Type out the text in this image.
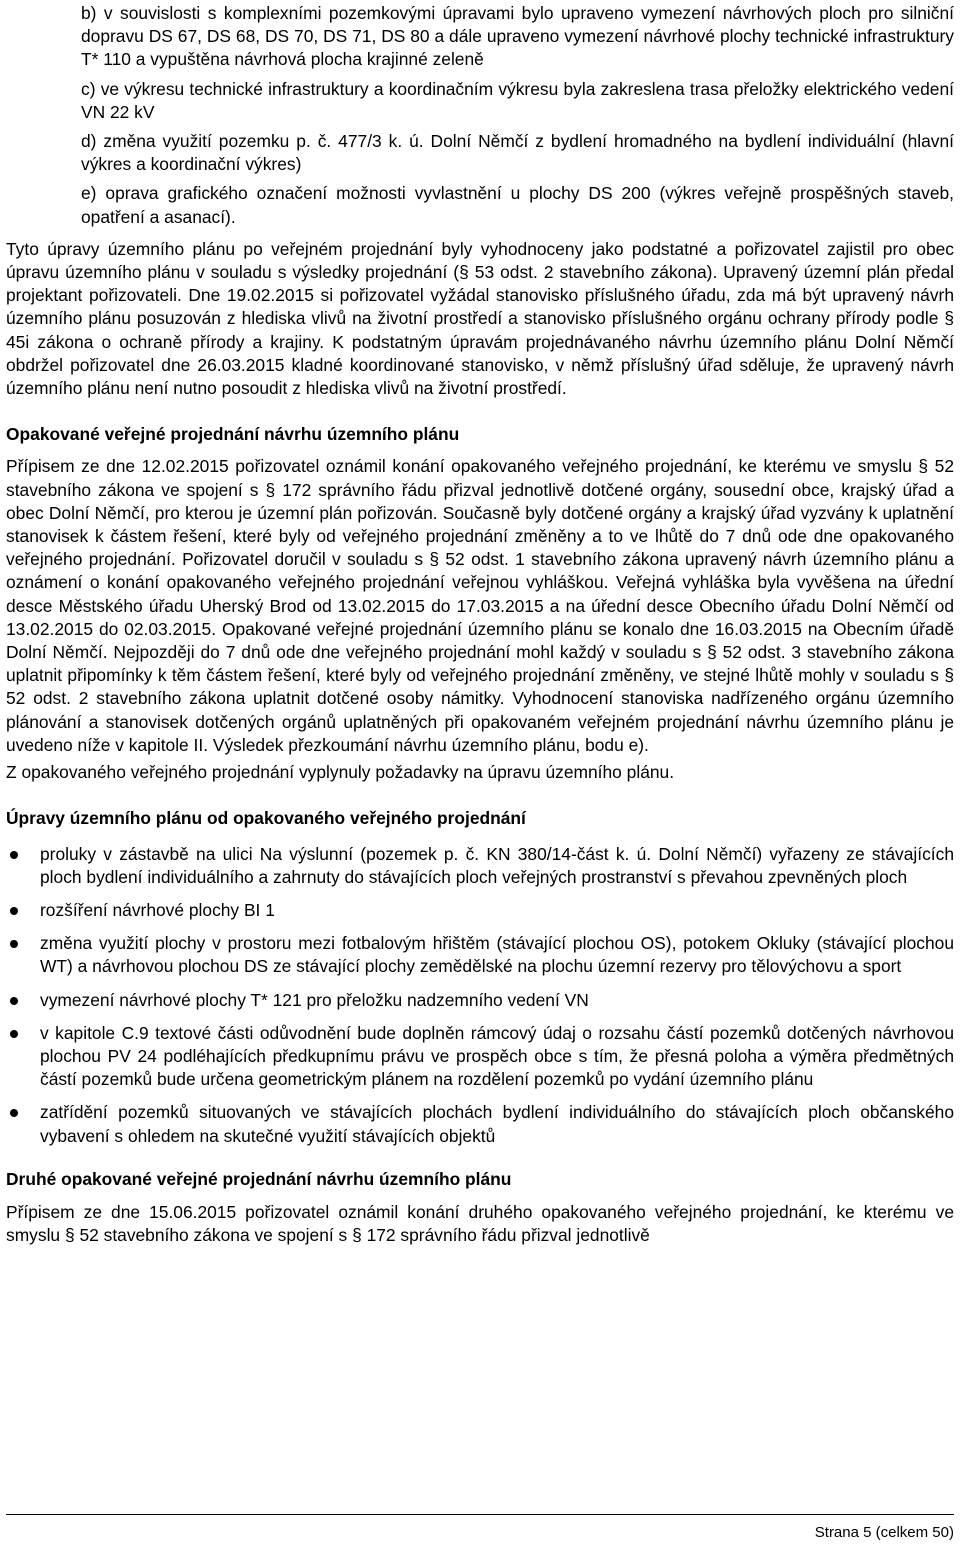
b) v souvislosti s komplexními pozemkovými úpravami bylo upraveno vymezení návrhových ploch pro silniční dopravu DS 67, DS 68, DS 70, DS 71, DS 80 a dále upraveno vymezení návrhové plochy technické infrastruktury T* 110 a vypuštěna návrhová plocha krajinné zeleně
c) ve výkresu technické infrastruktury a koordinačním výkresu byla zakreslena trasa přeložky elektrického vedení VN 22 kV
d) změna využití pozemku p. č. 477/3 k. ú. Dolní Němčí z bydlení hromadného na bydlení individuální (hlavní výkres a koordinační výkres)
e) oprava grafického označení možnosti vyvlastnění u plochy DS 200 (výkres veřejně prospěšných staveb, opatření a asanací).

Tyto úpravy územního plánu po veřejném projednání byly vyhodnoceny jako podstatné a pořizovatel zajistil pro obec úpravu územního plánu v souladu s výsledky projednání (§ 53 odst. 2 stavebního zákona). Upravený územní plán předal projektant pořizovateli. Dne 19.02.2015 si pořizovatel vyžádal stanovisko příslušného úřadu, zda má být upravený návrh územního plánu posuzován z hlediska vlivů na životní prostředí a stanovisko příslušného orgánu ochrany přírody podle § 45i zákona o ochraně přírody a krajiny. K podstatným úpravám projednávaného návrhu územního plánu Dolní Němčí obdržel pořizovatel dne 26.03.2015 kladné koordinované stanovisko, v němž příslušný úřad sděluje, že upravený návrh územního plánu není nutno posoudit z hlediska vlivů na životní prostředí.

Opakované veřejné projednání návrhu územního plánu

Přípisem ze dne 12.02.2015 pořizovatel oznámil konání opakovaného veřejného projednání, ke kterému ve smyslu § 52 stavebního zákona ve spojení s § 172 správního řádu přizval jednotlivě dotčené orgány, sousední obce, krajský úřad a obec Dolní Němčí, pro kterou je územní plán pořizován. Současně byly dotčené orgány a krajský úřad vyzvány k uplatnění stanovisek k částem řešení, které byly od veřejného projednání změněny a to ve lhůtě do 7 dnů ode dne opakovaného veřejného projednání. Pořizovatel doručil v souladu s § 52 odst. 1 stavebního zákona upravený návrh územního plánu a oznámení o konání opakovaného veřejného projednání veřejnou vyhláškou. Veřejná vyhláška byla vyvěšena na úřední desce Městského úřadu Uherský Brod od 13.02.2015 do 17.03.2015 a na úřední desce Obecního úřadu Dolní Němčí od 13.02.2015 do 02.03.2015. Opakované veřejné projednání územního plánu se konalo dne 16.03.2015 na Obecním úřadě Dolní Němčí. Nejpozději do 7 dnů ode dne veřejného projednání mohl každý v souladu s § 52 odst. 3 stavebního zákona uplatnit připomínky k těm částem řešení, které byly od veřejného projednání změněny, ve stejné lhůtě mohly v souladu s § 52 odst. 2 stavebního zákona uplatnit dotčené osoby námitky. Vyhodnocení stanoviska nadřízeného orgánu územního plánování a stanovisek dotčených orgánů uplatněných při opakovaném veřejném projednání návrhu územního plánu je uvedeno níže v kapitole II. Výsledek přezkoumání návrhu územního plánu, bodu e).

Z opakovaného veřejného projednání vyplynuly požadavky na úpravu územního plánu.

Úpravy územního plánu od opakovaného veřejného projednání
proluky v zástavbě na ulici Na výslunní (pozemek p. č. KN 380/14-část k. ú. Dolní Němčí) vyřazeny ze stávajících ploch bydlení individuálního a zahrnuty do stávajících ploch veřejných prostranství s převahou zpevněných ploch
rozšíření návrhové plochy BI 1
změna využití plochy v prostoru mezi fotbalovým hřištěm (stávající plochou OS), potokem Okluky (stávající plochou WT) a návrhovou plochou DS ze stávající plochy zemědělské na plochu územní rezervy pro tělovýchovu a sport
vymezení návrhové plochy T* 121 pro přeložku nadzemního vedení VN
v kapitole C.9 textové části odůvodnění bude doplněn rámcový údaj o rozsahu částí pozemků dotčených návrhovou plochou PV 24 podléhajících předkupnímu právu ve prospěch obce s tím, že přesná poloha a výměra předmětných částí pozemků bude určena geometrickým plánem na rozdělení pozemků po vydání územního plánu
zatřídění pozemků situovaných ve stávajících plochách bydlení individuálního do stávajících ploch občanského vybavení s ohledem na skutečné využití stávajících objektů
Druhé opakované veřejné projednání návrhu územního plánu

Přípisem ze dne 15.06.2015 pořizovatel oznámil konání druhého opakovaného veřejného projednání, ke kterému ve smyslu § 52 stavebního zákona ve spojení s § 172 správního řádu přizval jednotlivě

Strana 5 (celkem 50)
